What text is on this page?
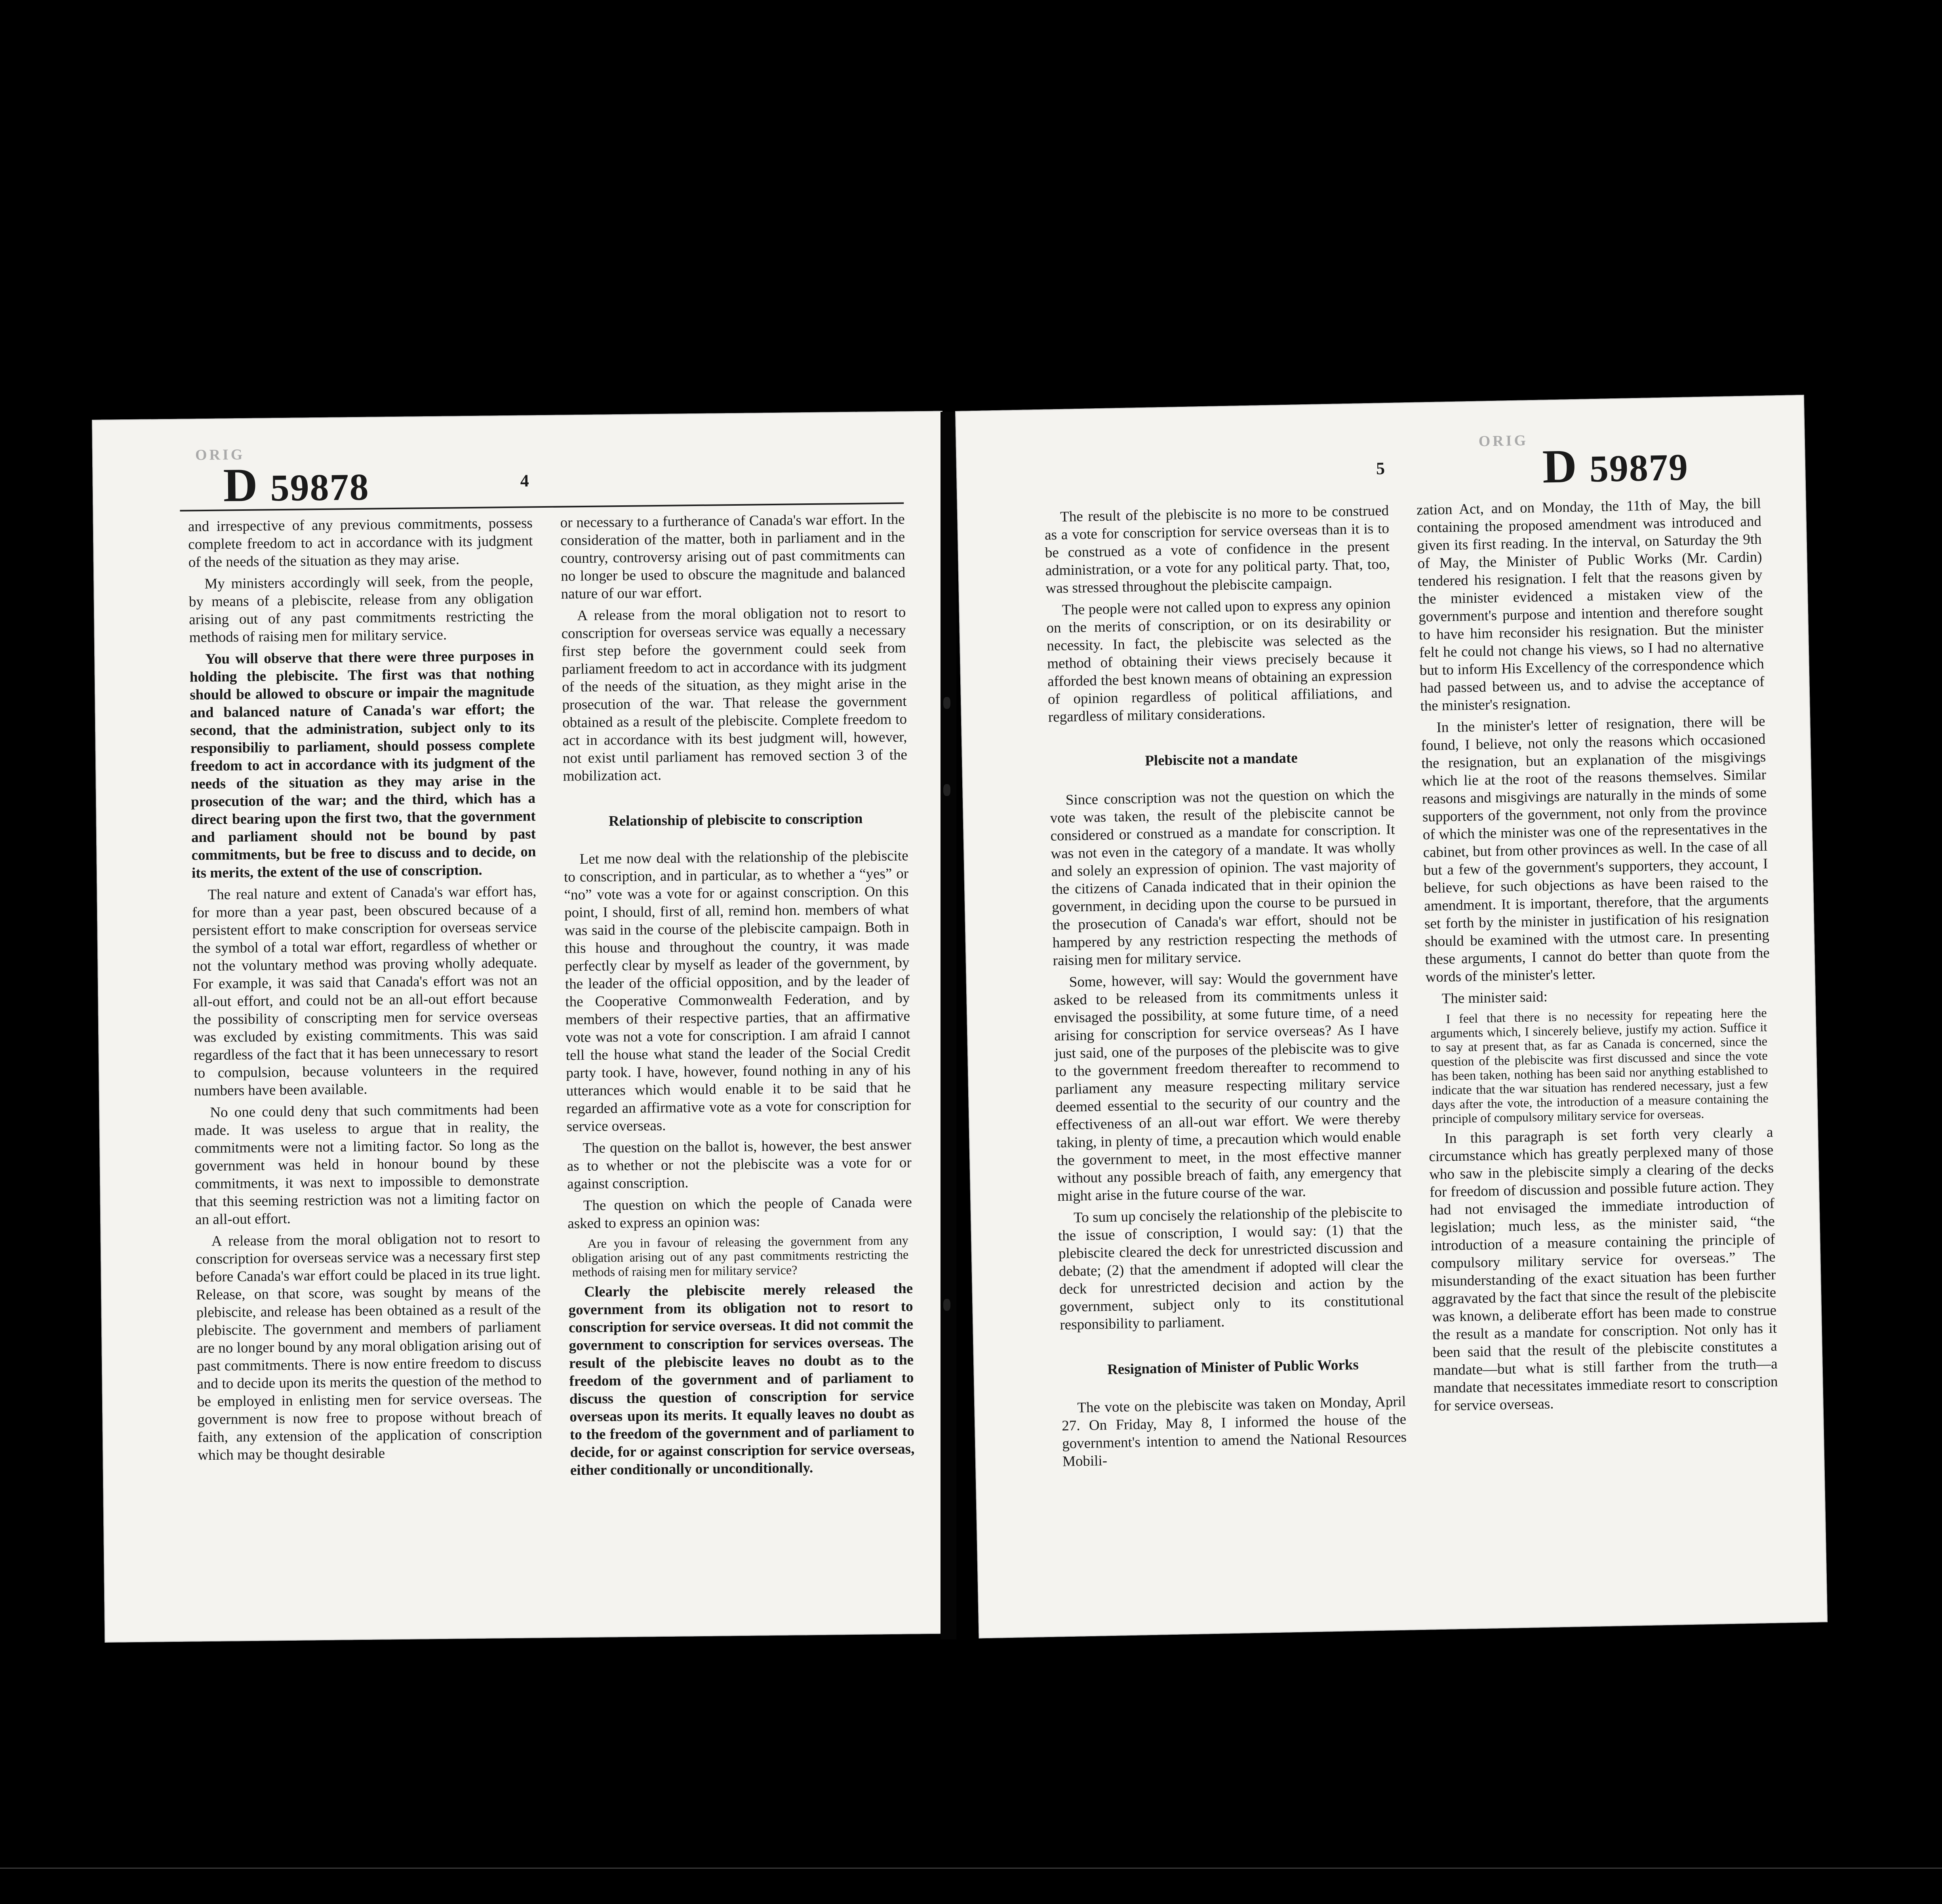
ORIG
D 59878	4

and irrespective of any previous commitments, possess complete freedom to act in accordance with its judgment of the needs of the situation as they may arise.

My ministers accordingly will seek, from the people, by means of a plebiscite, release from any obligation arising out of any past commitments restricting the methods of raising men for military service.

You will observe that there were three purposes in holding the plebiscite. The first was that nothing should be allowed to obscure or impair the magnitude and balanced nature of Canada's war effort; the second, that the administration, subject only to its responsibiliy to parliament, should possess complete freedom to act in accordance with its judgment of the needs of the situation as they may arise in the prosecution of the war; and the third, which has a direct bearing upon the first two, that the government and parliament should not be bound by past commitments, but be free to discuss and to decide, on its merits, the extent of the use of conscription.

The real nature and extent of Canada's war effort has, for more than a year past, been obscured because of a persistent effort to make conscription for overseas service the symbol of a total war effort, regardless of whether or not the voluntary method was proving wholly adequate. For example, it was said that Canada's effort was not an all-out effort, and could not be an all-out effort because the possibility of conscripting men for service overseas was excluded by existing commitments. This was said regardless of the fact that it has been unnecessary to resort to compulsion, because volunteers in the required numbers have been available.

No one could deny that such commitments had been made. It was useless to argue that in reality, the commitments were not a limiting factor. So long as the government was held in honour bound by these commitments, it was next to impossible to demonstrate that this seeming restriction was not a limiting factor on an all-out effort.

A release from the moral obligation not to resort to conscription for overseas service was a necessary first step before Canada's war effort could be placed in its true light. Release, on that score, was sought by means of the plebiscite, and release has been obtained as a result of the plebiscite. The government and members of parliament are no longer bound by any moral obligation arising out of past commitments. There is now entire freedom to discuss and to decide upon its merits the question of the method to be employed in enlisting men for service overseas. The government is now free to propose without breach of faith, any extension of the application of conscription which may be thought desirable

or necessary to a furtherance of Canada's war effort. In the consideration of the matter, both in parliament and in the country, controversy arising out of past commitments can no longer be used to obscure the magnitude and balanced nature of our war effort.

A release from the moral obligation not to resort to conscription for overseas service was equally a necessary first step before the government could seek from parliament freedom to act in accordance with its judgment of the needs of the situation, as they might arise in the prosecution of the war. That release the government obtained as a result of the plebiscite. Complete freedom to act in accordance with its best judgment will, however, not exist until parliament has removed section 3 of the mobilization act.

Relationship of plebiscite to conscription

Let me now deal with the relationship of the plebiscite to conscription, and in particular, as to whether a “yes” or “no” vote was a vote for or against conscription. On this point, I should, first of all, remind hon. members of what was said in the course of the plebiscite campaign. Both in this house and throughout the country, it was made perfectly clear by myself as leader of the government, by the leader of the official opposition, and by the leader of the Cooperative Commonwealth Federation, and by members of their respective parties, that an affirmative vote was not a vote for conscription. I am afraid I cannot tell the house what stand the leader of the Social Credit party took. I have, however, found nothing in any of his utterances which would enable it to be said that he regarded an affirmative vote as a vote for conscription for service overseas.

The question on the ballot is, however, the best answer as to whether or not the plebiscite was a vote for or against conscription.

The question on which the people of Canada were asked to express an opinion was:

Are you in favour of releasing the government from any obligation arising out of any past commitments restricting the methods of raising men for military service?

Clearly the plebiscite merely released the government from its obligation not to resort to conscription for service overseas. It did not commit the government to conscription for services overseas. The result of the plebiscite leaves no doubt as to the freedom of the government and of parliament to discuss the question of conscription for service overseas upon its merits. It equally leaves no doubt as to the freedom of the government and of parliament to decide, for or against conscription for service overseas, either conditionally or unconditionally.

5
ORIG D 59879

The result of the plebiscite is no more to be construed as a vote for conscription for service overseas than it is to be construed as a vote of confidence in the present administration, or a vote for any political party. That, too, was stressed throughout the plebiscite campaign.

The people were not called upon to express any opinion on the merits of conscription, or on its desirability or necessity. In fact, the plebiscite was selected as the method of obtaining their views precisely because it afforded the best known means of obtaining an expression of opinion regardless of political affiliations, and regardless of military considerations.

Plebiscite not a mandate

Since conscription was not the question on which the vote was taken, the result of the plebiscite cannot be considered or construed as a mandate for conscription. It was not even in the category of a mandate. It was wholly and solely an expression of opinion. The vast majority of the citizens of Canada indicated that in their opinion the government, in deciding upon the course to be pursued in the prosecution of Canada's war effort, should not be hampered by any restriction respecting the methods of raising men for military service.

Some, however, will say: Would the government have asked to be released from its commitments unless it envisaged the possibility, at some future time, of a need arising for conscription for service overseas? As I have just said, one of the purposes of the plebiscite was to give to the government freedom thereafter to recommend to parliament any measure respecting military service deemed essential to the security of our country and the effectiveness of an all-out war effort. We were thereby taking, in plenty of time, a precaution which would enable the government to meet, in the most effective manner without any possible breach of faith, any emergency that might arise in the future course of the war.

To sum up concisely the relationship of the plebiscite to the issue of conscription, I would say: (1) that the plebiscite cleared the deck for unrestricted discussion and debate; (2) that the amendment if adopted will clear the deck for unrestricted decision and action by the government, subject only to its constitutional responsibility to parliament.

Resignation of Minister of Public Works

The vote on the plebiscite was taken on Monday, April 27. On Friday, May 8, I informed the house of the government's intention to amend the National Resources Mobili-

zation Act, and on Monday, the 11th of May, the bill containing the proposed amendment was introduced and given its first reading. In the interval, on Saturday the 9th of May, the Minister of Public Works (Mr. Cardin) tendered his resignation. I felt that the reasons given by the minister evidenced a mistaken view of the government's purpose and intention and therefore sought to have him reconsider his resignation. But the minister felt he could not change his views, so I had no alternative but to inform His Excellency of the correspondence which had passed between us, and to advise the acceptance of the minister's resignation.

In the minister's letter of resignation, there will be found, I believe, not only the reasons which occasioned the resignation, but an explanation of the misgivings which lie at the root of the reasons themselves. Similar reasons and misgivings are naturally in the minds of some supporters of the government, not only from the province of which the minister was one of the representatives in the cabinet, but from other provinces as well. In the case of all but a few of the government's supporters, they account, I believe, for such objections as have been raised to the amendment. It is important, therefore, that the arguments set forth by the minister in justification of his resignation should be examined with the utmost care. In presenting these arguments, I cannot do better than quote from the words of the minister's letter.

The minister said:

I feel that there is no necessity for repeating here the arguments which, I sincerely believe, justify my action. Suffice it to say at present that, as far as Canada is concerned, since the question of the plebiscite was first discussed and since the vote has been taken, nothing has been said nor anything established to indicate that the war situation has rendered necessary, just a few days after the vote, the introduction of a measure containing the principle of compulsory military service for overseas.

In this paragraph is set forth very clearly a circumstance which has greatly perplexed many of those who saw in the plebiscite simply a clearing of the decks for freedom of discussion and possible future action. They had not envisaged the immediate introduction of legislation; much less, as the minister said, “the introduction of a measure containing the principle of compulsory military service for overseas.” The misunderstanding of the exact situation has been further aggravated by the fact that since the result of the plebiscite was known, a deliberate effort has been made to construe the result as a mandate for conscription. Not only has it been said that the result of the plebiscite constitutes a mandate—but what is still farther from the truth—a mandate that necessitates immediate resort to conscription for service overseas.
